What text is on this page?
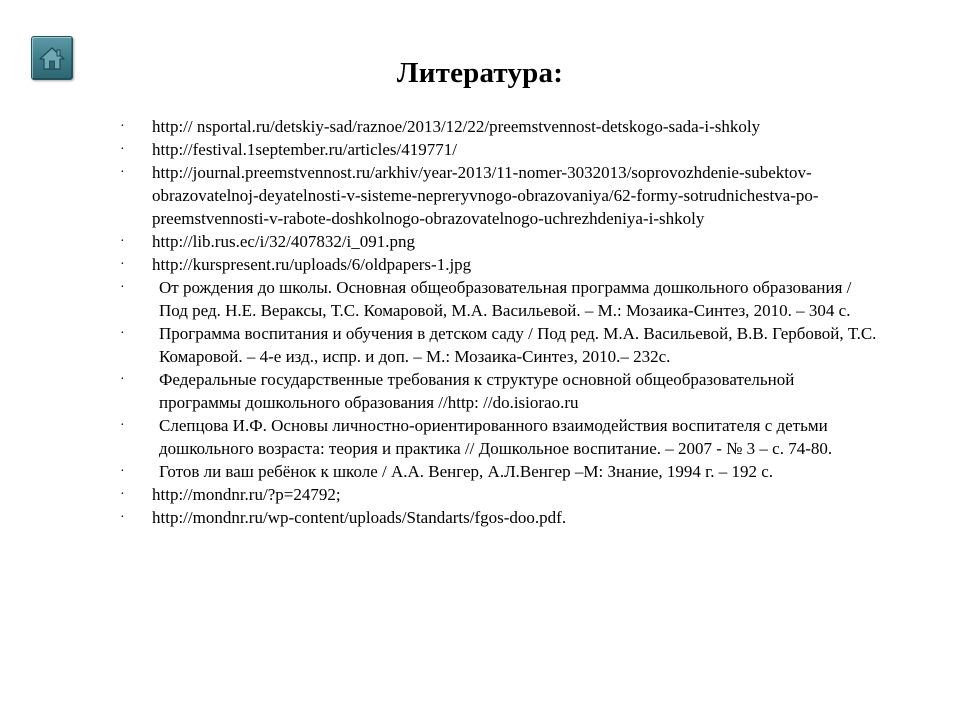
Литература:
·	http:// nsportal.ru/detskiy-sad/raznoe/2013/12/22/preemstvennost-detskogo-sada-i-shkoly
·	http://festival.1september.ru/articles/419771/
·	http://journal.preemstvennost.ru/arkhiv/year-2013/11-nomer-3032013/soprovozhdenie-subektov-obrazovatelnoj-deyatelnosti-v-sisteme-nepreryvnogo-obrazovaniya/62-formy-sotrudnichestva-po-preemstvennosti-v-rabote-doshkolnogo-obrazovatelnogo-uchrezhdeniya-i-shkoly
·	http://lib.rus.ec/i/32/407832/i_091.png
·	http://kurspresent.ru/uploads/6/oldpapers-1.jpg
·	От рождения до школы. Основная общеобразовательная программа дошкольного образования / Под ред. Н.Е. Вераксы, Т.С. Комаровой, М.А. Васильевой. – М.: Мозаика-Синтез, 2010. – 304 с.
·	Программа воспитания и обучения в детском саду / Под ред. М.А. Васильевой, В.В. Гербовой, Т.С. Комаровой. – 4-е изд., испр. и доп. – М.: Мозаика-Синтез, 2010.– 232с.
·	Федеральные государственные требования к структуре основной общеобразовательной программы дошкольного образования //http: //do.isiorao.ru
·	Слепцова И.Ф. Основы личностно-ориентированного взаимодействия воспитателя с детьми дошкольного возраста: теория и практика // Дошкольное воспитание. – 2007 - № 3 – с. 74-80.
·	Готов ли ваш ребёнок к школе / А.А. Венгер, А.Л.Венгер –М: Знание, 1994 г. – 192 с.
·	http://mondnr.ru/?p=24792;
·	http://mondnr.ru/wp-content/uploads/Standarts/fgos-doo.pdf.
